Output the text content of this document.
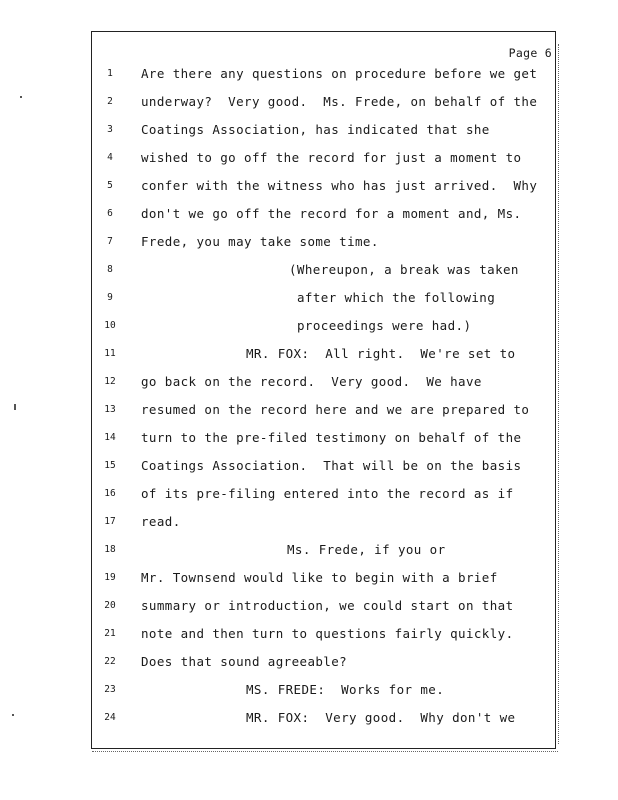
Page 6
1	Are there any questions on procedure before we get
2	underway?  Very good.  Ms. Frede, on behalf of the
3	Coatings Association, has indicated that she
4	wished to go off the record for just a moment to
5	confer with the witness who has just arrived.  Why
6	don't we go off the record for a moment and, Ms.
7	Frede, you may take some time.
8	(Whereupon, a break was taken
9	after which the following
10	proceedings were had.)
11	MR. FOX:  All right.  We're set to
12	go back on the record.  Very good.  We have
13	resumed on the record here and we are prepared to
14	turn to the pre-filed testimony on behalf of the
15	Coatings Association.  That will be on the basis
16	of its pre-filing entered into the record as if
17	read.
18	Ms. Frede, if you or
19	Mr. Townsend would like to begin with a brief
20	summary or introduction, we could start on that
21	note and then turn to questions fairly quickly.
22	Does that sound agreeable?
23	MS. FREDE:  Works for me.
24	MR. FOX:  Very good.  Why don't we
